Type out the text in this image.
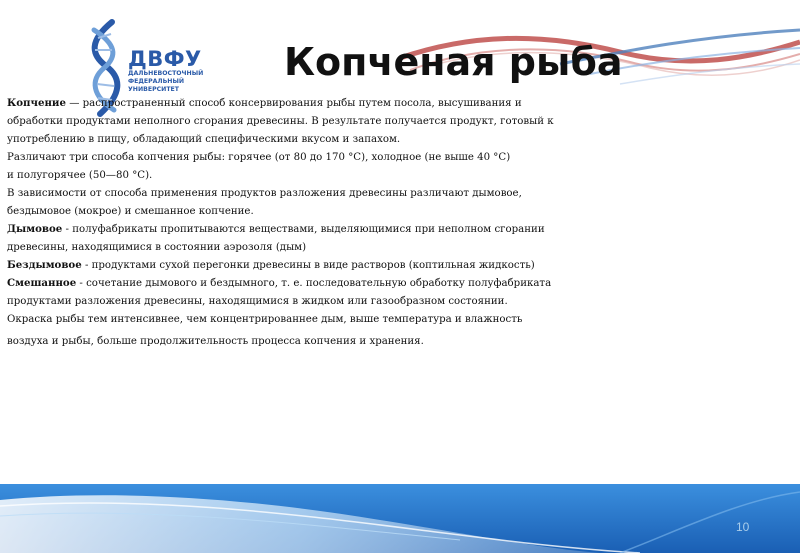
ДВФУ
ДАЛЬНЕВОСТОЧНЫЙ
ФЕДЕРАЛЬНЫЙ
УНИВЕРСИТЕТ
Копченая рыба
Копчение — распространенный способ консервирования рыбы путем посола, высушивания и
обработки продуктами неполного сгорания древесины. В результате получается продукт, готовый к
употреблению в пищу, обладающий специфическими вкусом и запахом.
Различают три способа копчения рыбы: горячее (от 80 до 170 °С), холодное (не выше 40 °С)
и полугорячее (50—80 °С).
В зависимости от способа применения продуктов разложения древесины различают дымовое,
бездымовое (мокрое) и смешанное копчение.
Дымовое - полуфабрикаты пропитываются веществами, выделяющимися при неполном сгорании
древесины, находящимися в состоянии аэрозоля (дым)
Бездымовое - продуктами сухой перегонки древесины в виде растворов (коптильная жидкость)
Смешанное - сочетание дымового и бездымного, т. е. последовательную обработку полуфабриката
продуктами разложения древесины, находящимися в жидком или газообразном состоянии.
Окраска рыбы тем интенсивнее, чем концентрированнее дым, выше температура и влажность
воздуха и рыбы, больше продолжительность процесса копчения и хранения.
10
